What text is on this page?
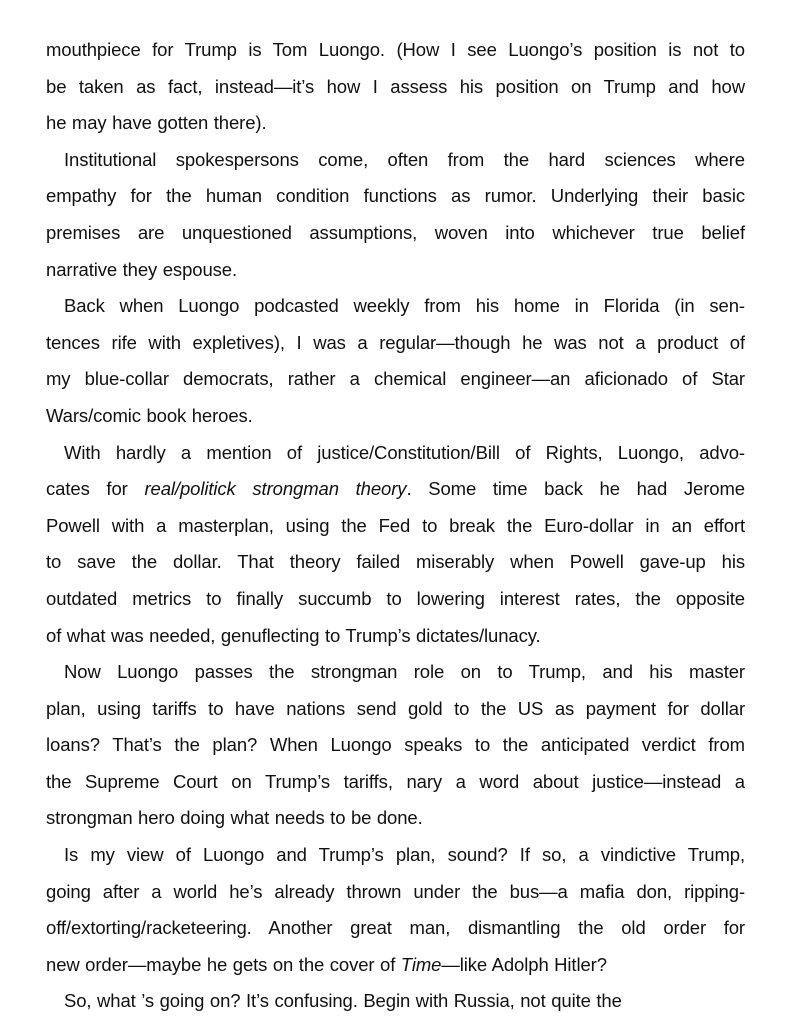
mouthpiece for Trump is Tom Luongo. (How I see Luongo’s position is not to
be taken as fact, instead—it’s how I assess his position on Trump and how
he may have gotten there).
Institutional spokespersons come, often from the hard sciences where
empathy for the human condition functions as rumor. Underlying their basic
premises are unquestioned assumptions, woven into whichever true belief
narrative they espouse.
Back when Luongo podcasted weekly from his home in Florida (in sen-
tences rife with expletives), I was a regular—though he was not a product of
my blue-collar democrats, rather a chemical engineer—an aficionado of Star
Wars/comic book heroes.
With hardly a mention of justice/Constitution/Bill of Rights, Luongo, advo-
cates for real/politick strongman theory. Some time back he had Jerome
Powell with a masterplan, using the Fed to break the Euro-dollar in an effort
to save the dollar. That theory failed miserably when Powell gave-up his
outdated metrics to finally succumb to lowering interest rates, the opposite
of what was needed, genuflecting to Trump’s dictates/lunacy.
Now Luongo passes the strongman role on to Trump, and his master
plan, using tariffs to have nations send gold to the US as payment for dollar
loans? That’s the plan? When Luongo speaks to the anticipated verdict from
the Supreme Court on Trump’s tariffs, nary a word about justice—instead a
strongman hero doing what needs to be done.
Is my view of Luongo and Trump’s plan, sound? If so, a vindictive Trump,
going after a world he’s already thrown under the bus—a mafia don, ripping-
off/extorting/racketeering. Another great man, dismantling the old order for
new order—maybe he gets on the cover of Time—like Adolph Hitler?
So, what ’s going on? It’s confusing. Begin with Russia, not quite the
